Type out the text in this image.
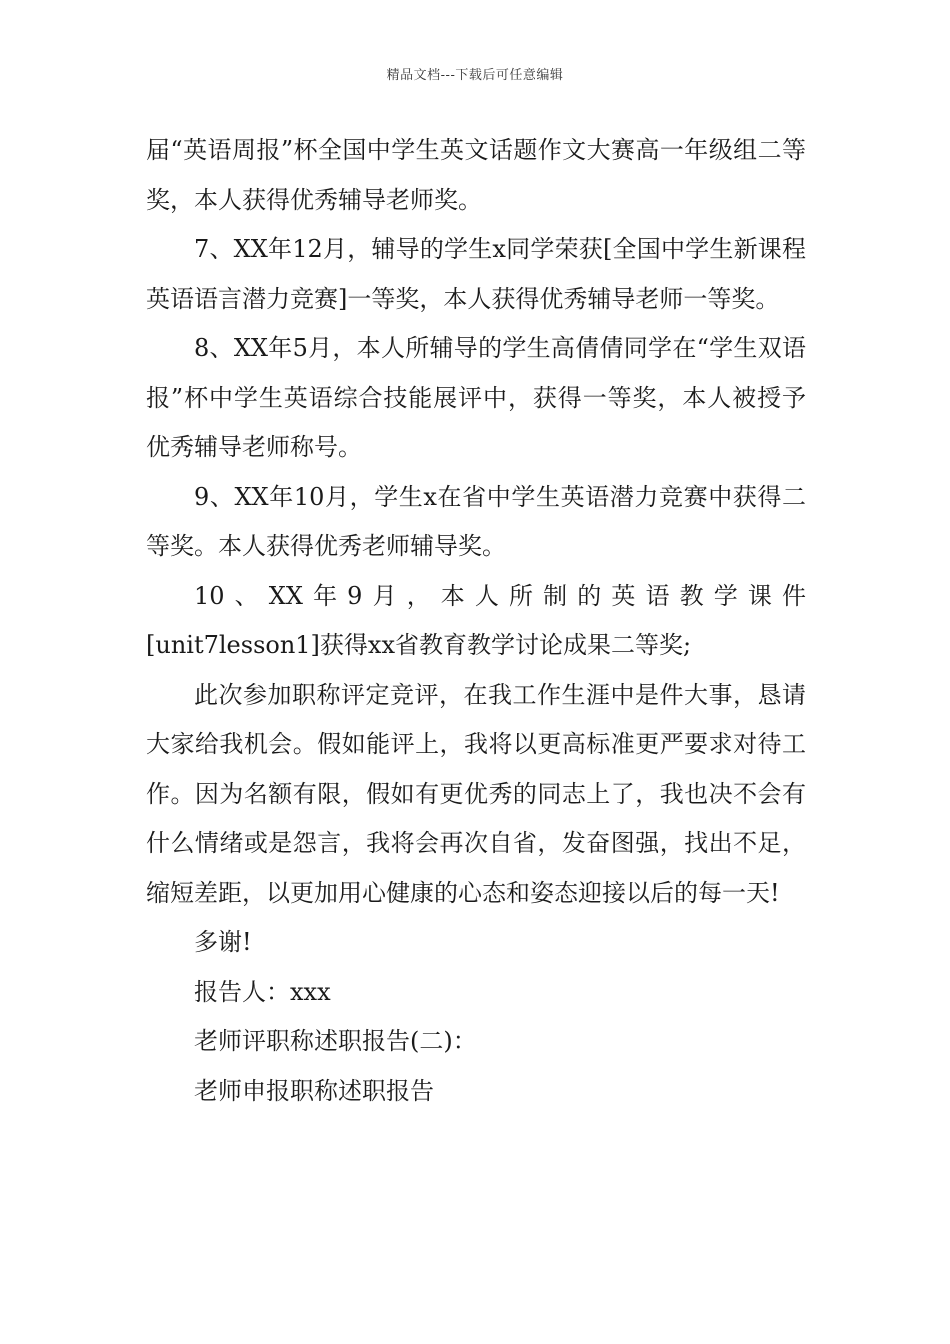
精品文档---下载后可任意编辑

届“英语周报”杯全国中学生英文话题作文大赛高一年级组二等奖，本人获得优秀辅导老师奖。

7、XX年12月，辅导的学生x同学荣获[全国中学生新课程英语语言潜力竞赛]一等奖，本人获得优秀辅导老师一等奖。

8、XX年5月，本人所辅导的学生高倩倩同学在“学生双语报”杯中学生英语综合技能展评中，获得一等奖，本人被授予优秀辅导老师称号。

9、XX年10月，学生x在省中学生英语潜力竞赛中获得二等奖。本人获得优秀老师辅导奖。

10、XX年9月，本人所制的英语教学课件

[unit7lesson1]获得xx省教育教学讨论成果二等奖;

此次参加职称评定竞评，在我工作生涯中是件大事，恳请大家给我机会。假如能评上，我将以更高标准更严要求对待工作。因为名额有限，假如有更优秀的同志上了，我也决不会有什么情绪或是怨言，我将会再次自省，发奋图强，找出不足，缩短差距，以更加用心健康的心态和姿态迎接以后的每一天!

多谢!

报告人：xxx

老师评职称述职报告(二)：

老师申报职称述职报告
